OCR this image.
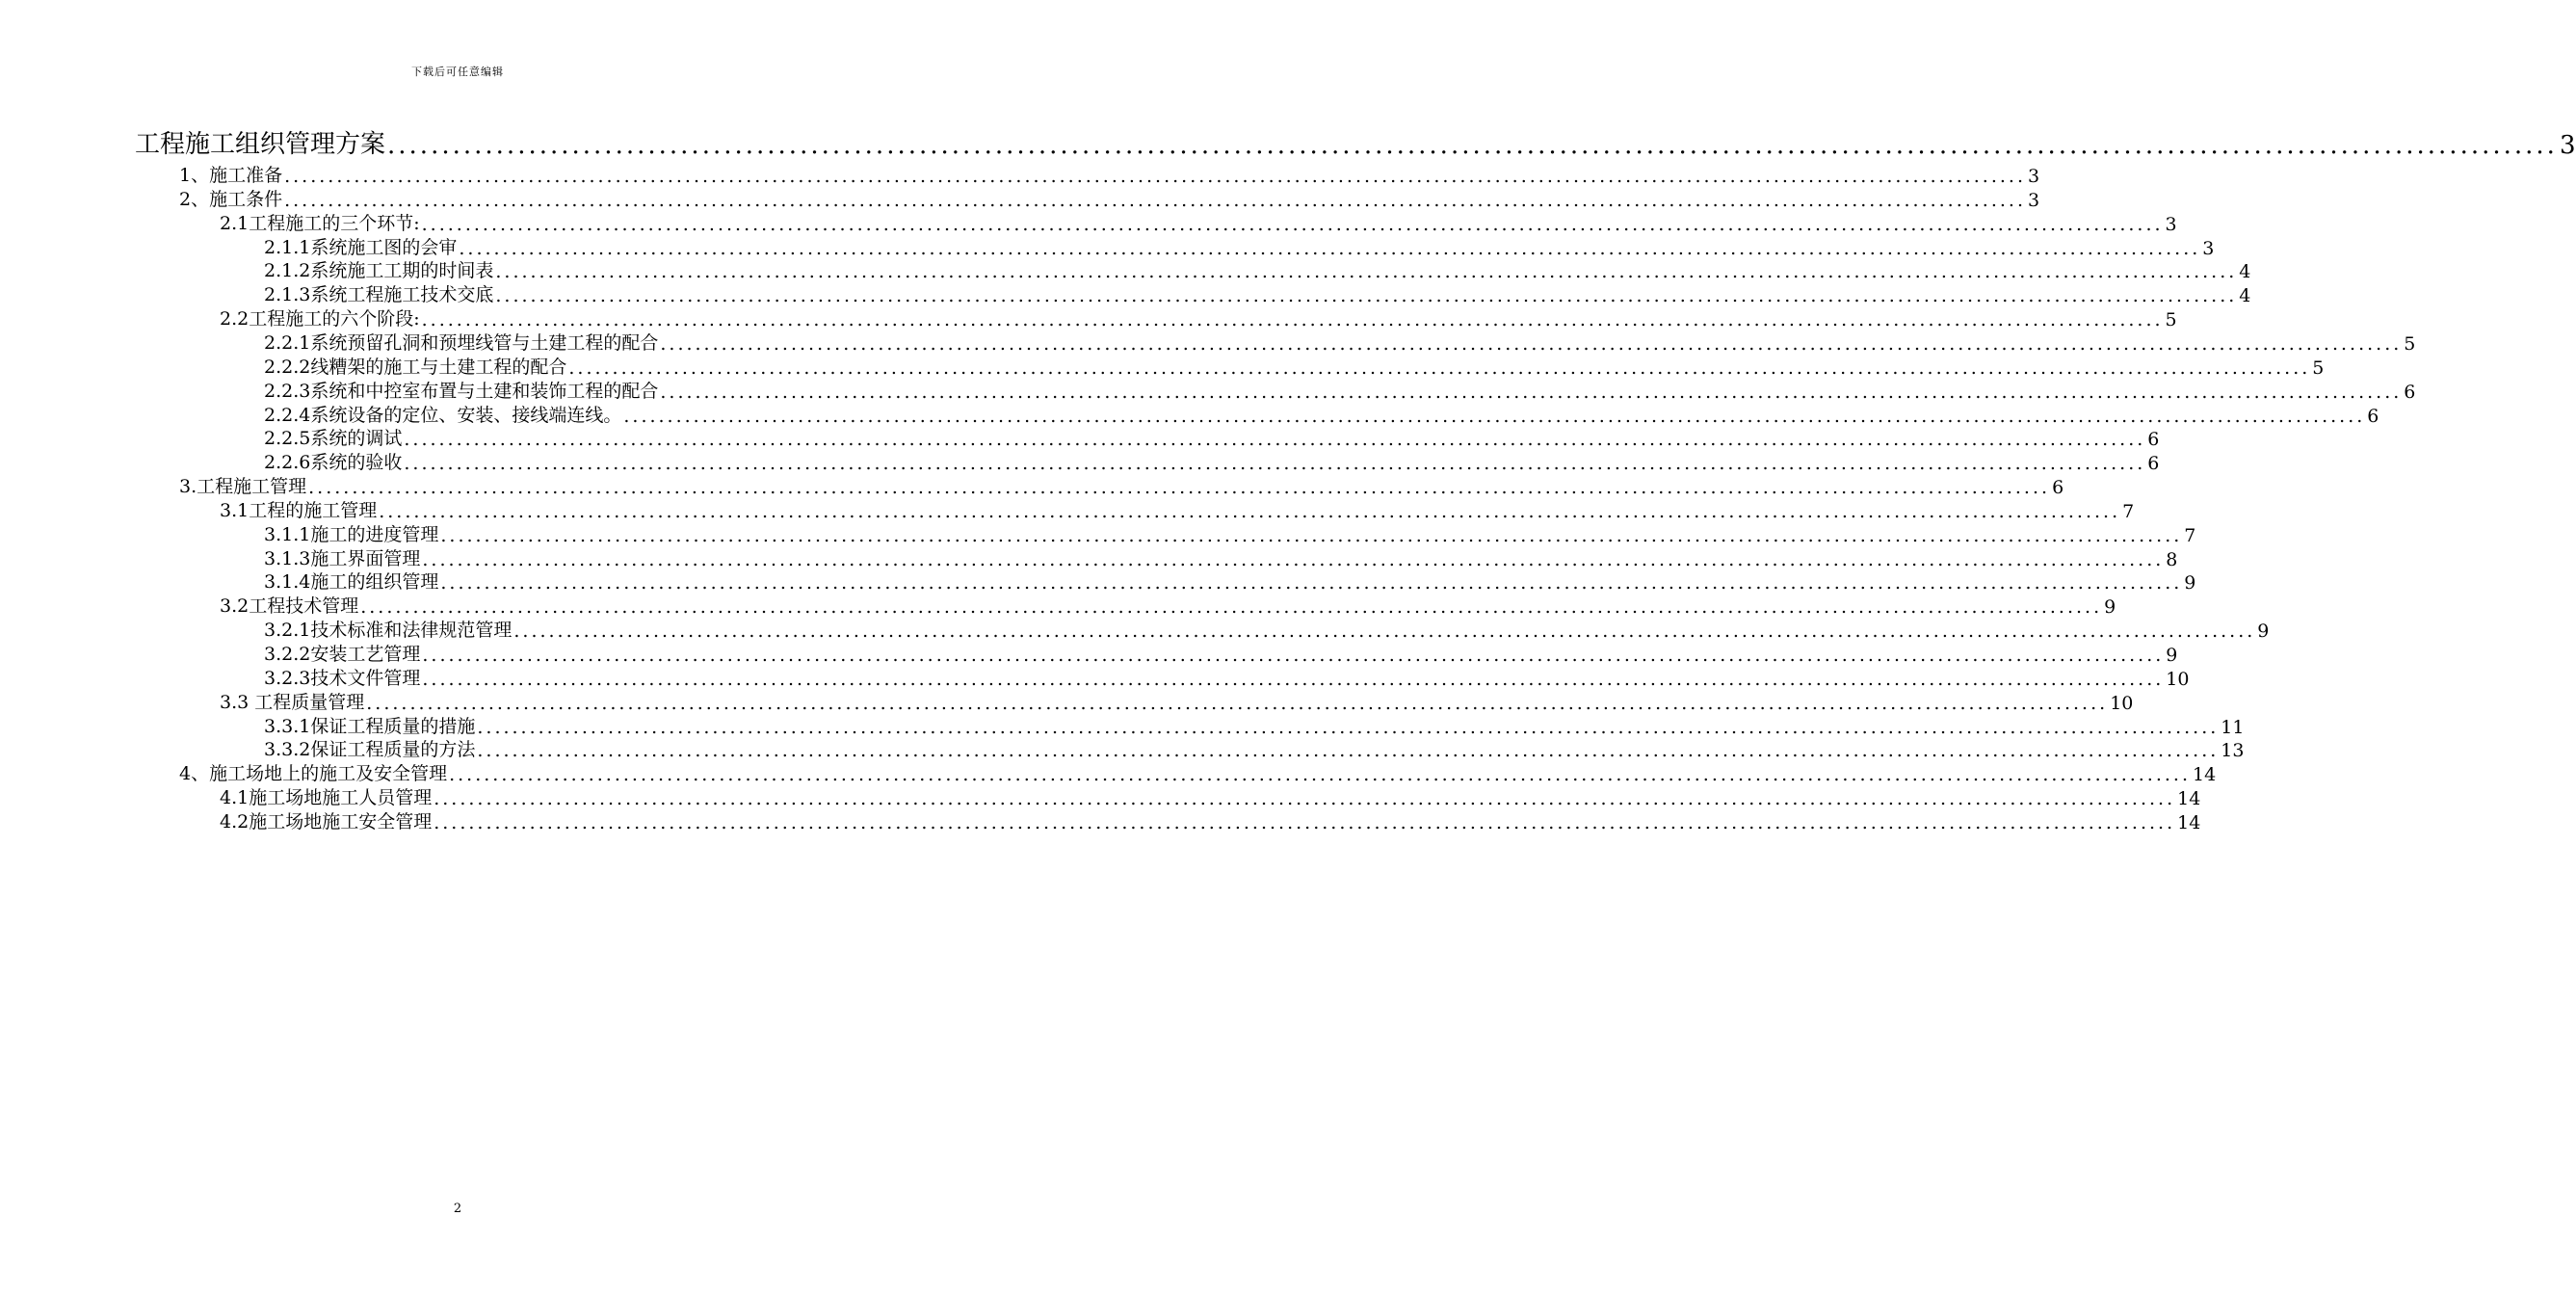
下载后可任意编辑
工程施工组织管理方案 ........................................................................................................................................................................................................ 3
1、施工准备 ........................................................................................................................................................................................................ 3
2、施工条件 ........................................................................................................................................................................................................ 3
2.1工程施工的三个环节: ........................................................................................................................................................................................................ 3
2.1.1系统施工图的会审 ........................................................................................................................................................................................................ 3
2.1.2系统施工工期的时间表 ........................................................................................................................................................................................................ 4
2.1.3系统工程施工技术交底 ........................................................................................................................................................................................................ 4
2.2工程施工的六个阶段: ........................................................................................................................................................................................................ 5
2.2.1系统预留孔洞和预埋线管与土建工程的配合 ........................................................................................................................................................................................................ 5
2.2.2线糟架的施工与土建工程的配合 ........................................................................................................................................................................................................ 5
2.2.3系统和中控室布置与土建和装饰工程的配合 ........................................................................................................................................................................................................ 6
2.2.4系统设备的定位、安装、接线端连线。 ........................................................................................................................................................................................................ 6
2.2.5系统的调试 ........................................................................................................................................................................................................ 6
2.2.6系统的验收 ........................................................................................................................................................................................................ 6
3.工程施工管理 ........................................................................................................................................................................................................ 6
3.1工程的施工管理 ........................................................................................................................................................................................................ 7
3.1.1施工的进度管理 ........................................................................................................................................................................................................ 7
3.1.3施工界面管理 ........................................................................................................................................................................................................ 8
3.1.4施工的组织管理 ........................................................................................................................................................................................................ 9
3.2工程技术管理 ........................................................................................................................................................................................................ 9
3.2.1技术标准和法律规范管理 ........................................................................................................................................................................................................ 9
3.2.2安装工艺管理 ........................................................................................................................................................................................................ 9
3.2.3技术文件管理 ........................................................................................................................................................................................................ 10
3.3 工程质量管理 ........................................................................................................................................................................................................ 10
3.3.1保证工程质量的措施 ........................................................................................................................................................................................................ 11
3.3.2保证工程质量的方法 ........................................................................................................................................................................................................ 13
4、施工场地上的施工及安全管理 ........................................................................................................................................................................................................ 14
4.1施工场地施工人员管理 ........................................................................................................................................................................................................ 14
4.2施工场地施工安全管理 ........................................................................................................................................................................................................ 14
2
